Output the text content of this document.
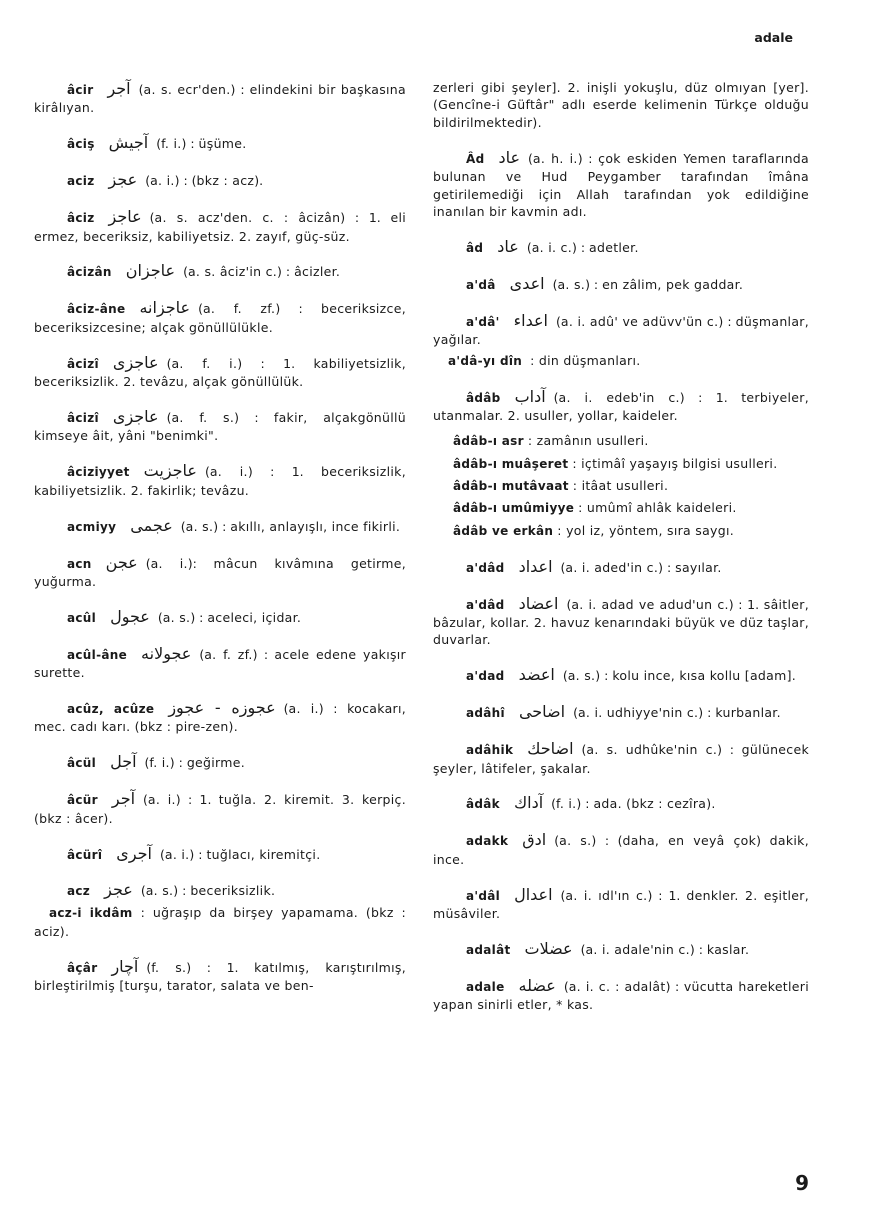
adale
âcir آجر (a. s. ecr'den.) : elindekini bir başkasına kirâlıyan.
âciş آجیش (f. i.) : üşüme.
aciz عجز (a. i.) : (bkz : acz).
âciz عاجز (a. s. acz'den. c. : âcizân) : 1. eli ermez, beceriksiz, kabiliyetsiz. 2. zayıf, güç-süz.
âcizân عاجزان (a. s. âciz'in c.) : âcizler.
âciz-âne عاجزانه (a. f. zf.) : beceriksizce, beceriksizcesine; alçak gönüllülükle.
âcizî عاجزی (a. f. i.) : 1. kabiliyetsizlik, beceriksizlik. 2. tevâzu, alçak gönüllülük.
âcizî عاجزی (a. f. s.) : fakir, alçakgönüllü kimseye âit, yâni "benimki".
âciziyyet عاجزیت (a. i.) : 1. beceriksizlik, kabiliyetsizlik. 2. fakirlik; tevâzu.
acmiyy عجمی (a. s.) : akıllı, anlayışlı, ince fikirli.
acn عجن (a. i.): mâcun kıvâmına getirme, yuğurma.
acûl عجول (a. s.) : aceleci, içidar.
acûl-âne عجولانه (a. f. zf.) : acele edene yakışır surette.
acûz, acûze عجوزه - عجوز (a. i.) : kocakarı, mec. cadı karı. (bkz : pire-zen).
âcül آجل (f. i.) : geğirme.
âcür آجر (a. i.) : 1. tuğla. 2. kiremit. 3. kerpiç. (bkz : âcer).
âcürî آجری (a. i.) : tuğlacı, kiremitçi.
acz عجز (a. s.) : beceriksizlik.
acz-i ikdâm : uğraşıp da birşey yapamama. (bkz : aciz).
âçâr آچار (f. s.) : 1. katılmış, karıştırılmış, birleştirilmiş [turşu, tarator, salata ve ben-
zerleri gibi şeyler]. 2. inişli yokuşlu, düz olmıyan [yer]. (Gencîne-i Güftâr" adlı eserde kelimenin Türkçe olduğu bildirilmektedir).
Âd عاد (a. h. i.) : çok eskiden Yemen taraflarında bulunan ve Hud Peygamber tarafından îmâna getirilemediği için Allah tarafından yok edildiğine inanılan bir kavmin adı.
âd عاد (a. i. c.) : adetler.
a'dâ اعدی (a. s.) : en zâlim, pek gaddar.
a'dâ' اعداء (a. i. adû' ve adüvv'ün c.) : düşmanlar, yağılar.
a'dâ-yı dîn : din düşmanları.
âdâb آداب (a. i. edeb'in c.) : 1. terbiyeler, utanmalar. 2. usuller, yollar, kaideler.
âdâb-ı asr : zamânın usulleri.
âdâb-ı muâşeret : içtimâî yaşayış bilgisi usulleri.
âdâb-ı mutâvaat : itâat usulleri.
âdâb-ı umûmiyye : umûmî ahlâk kaideleri.
âdâb ve erkân : yol iz, yöntem, sıra saygı.
a'dâd اعداد (a. i. aded'in c.) : sayılar.
a'dâd اعضاد (a. i. adad ve adud'un c.) : 1. sâitler, bâzular, kollar. 2. havuz kenarındaki büyük ve düz taşlar, duvarlar.
a'dad اعضد (a. s.) : kolu ince, kısa kollu [adam].
adâhî اضاحی (a. i. udhiyye'nin c.) : kurbanlar.
adâhik اضاحك (a. s. udhûke'nin c.) : gülünecek şeyler, lâtifeler, şakalar.
âdâk آداك (f. i.) : ada. (bkz : cezîra).
adakk ادق (a. s.) : (daha, en veyâ çok) dakik, ince.
a'dâl اعدال (a. i. ıdl'ın c.) : 1. denkler. 2. eşitler, müsâviler.
adalât عضلات (a. i. adale'nin c.) : kaslar.
adale عضله (a. i. c. : adalât) : vücutta hareketleri yapan sinirli etler, * kas.
9
